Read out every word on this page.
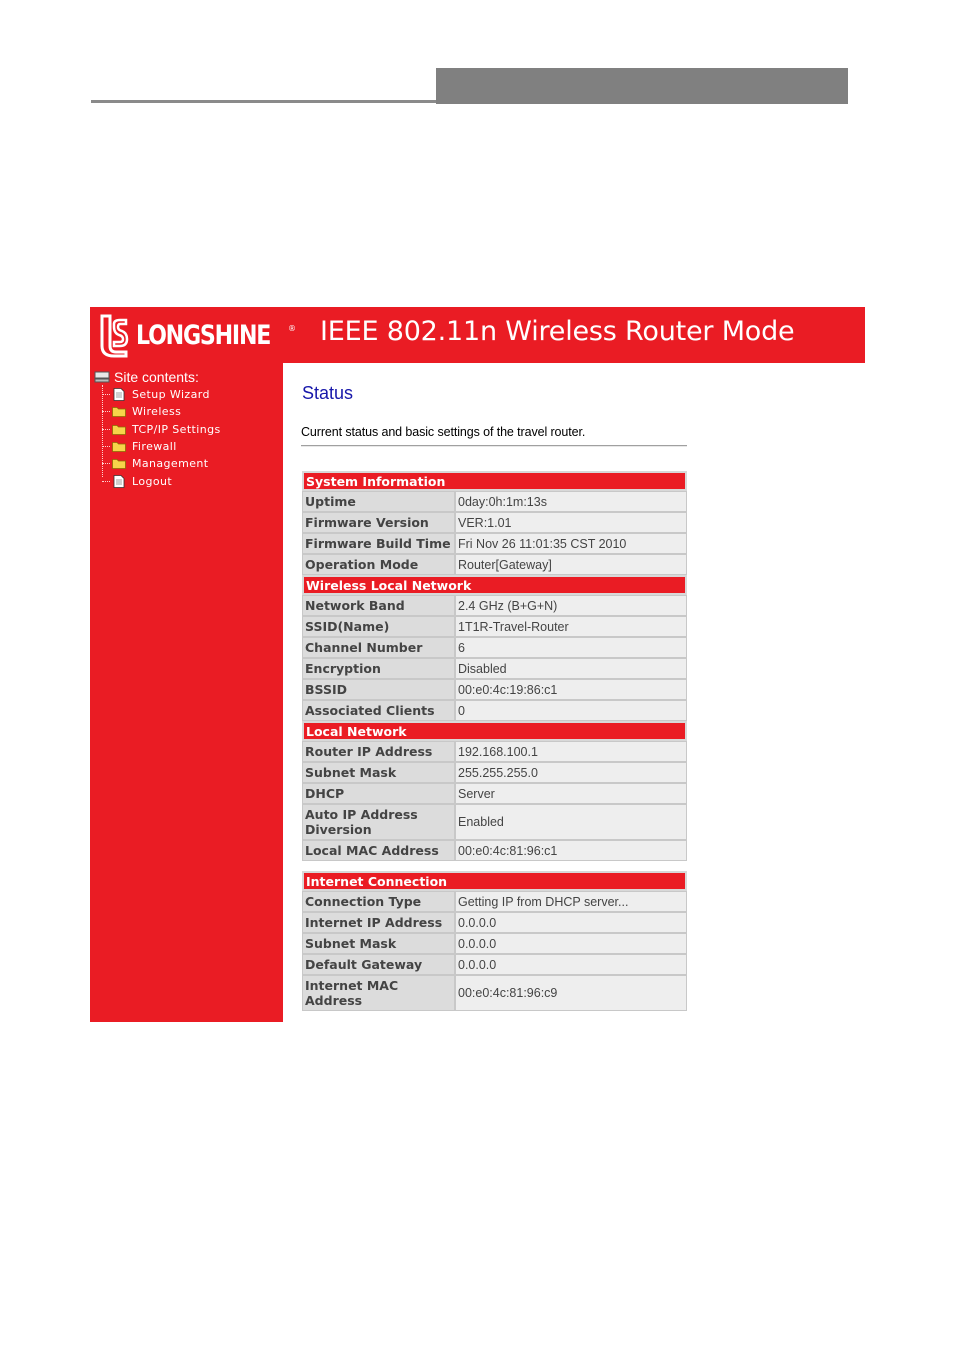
LONGSHINE ® IEEE 802.11n Wireless Router Mode
Site contents:
Setup Wizard
Wireless
TCP/IP Settings
Firewall
Management
Logout
Status
Current status and basic settings of the travel router.
System Information	
Uptime	0day:0h:1m:13s
Firmware Version	VER:1.01
Firmware Build Time	Fri Nov 26 11:01:35 CST 2010
Operation Mode	Router[Gateway]
Wireless Local Network	
Network Band	2.4 GHz (B+G+N)
SSID(Name)	1T1R-Travel-Router
Channel Number	6
Encryption	Disabled
BSSID	00:e0:4c:19:86:c1
Associated Clients	0
Local Network	
Router IP Address	192.168.100.1
Subnet Mask	255.255.255.0
DHCP	Server
Auto IP Address Diversion	Enabled
Local MAC Address	00:e0:4c:81:96:c1
Internet Connection	
Connection Type	Getting IP from DHCP server...
Internet IP Address	0.0.0.0
Subnet Mask	0.0.0.0
Default Gateway	0.0.0.0
Internet MAC Address	00:e0:4c:81:96:c9
